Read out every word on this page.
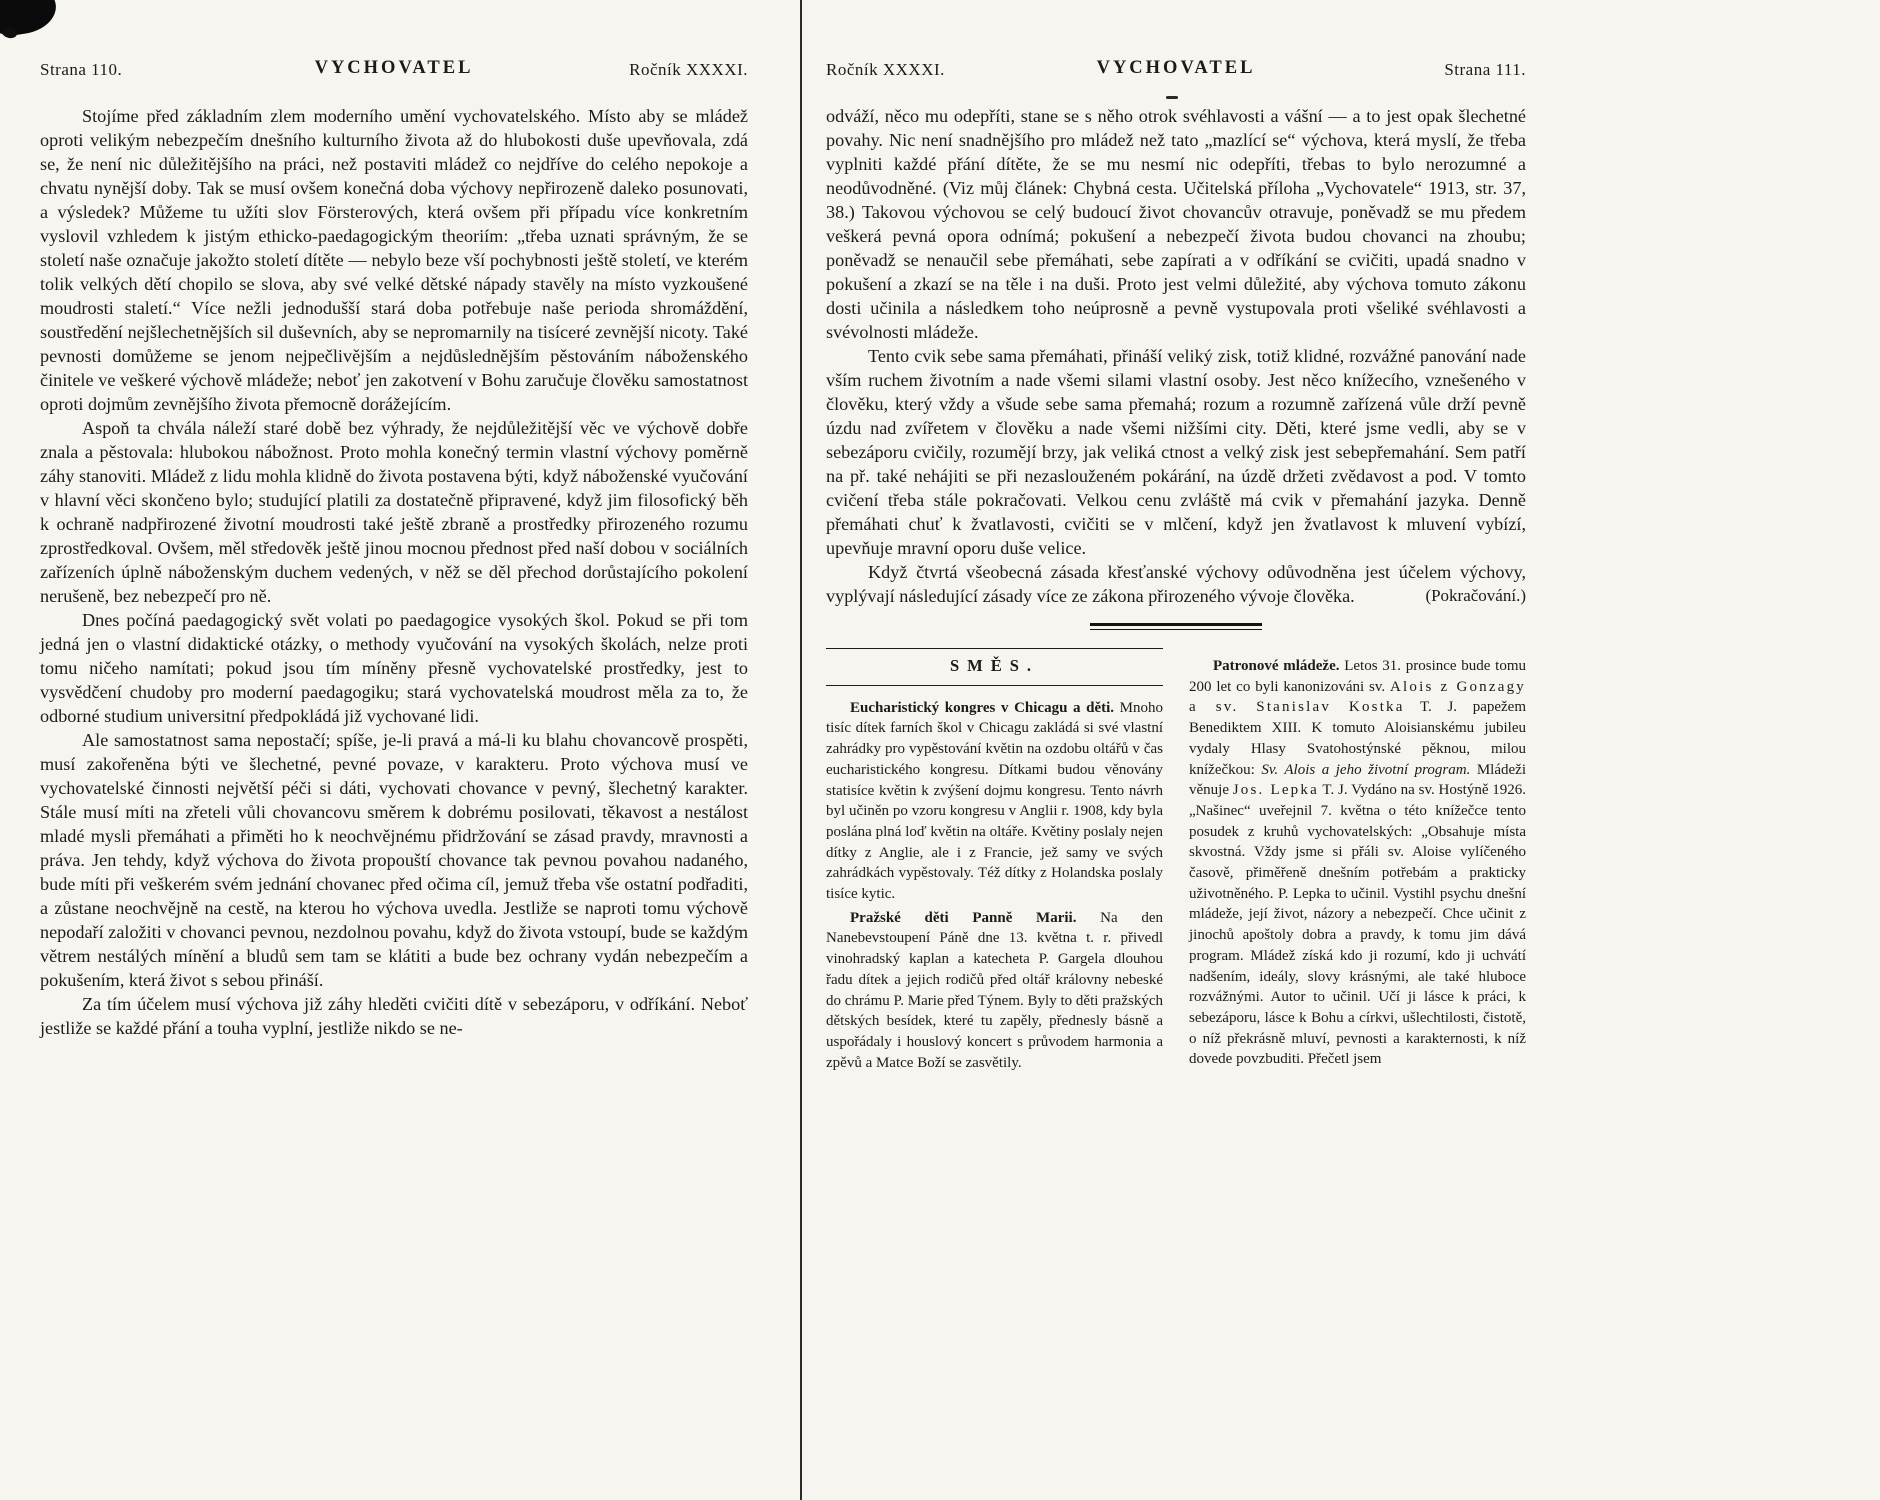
Strana 110.	VYCHOVATEL	Ročník XXXXI.

Stojíme před základním zlem moderního umění vychovatelského. Místo aby se mládež oproti velikým nebezpečím dnešního kulturního života až do hlubokosti duše upevňovala, zdá se, že není nic důležitějšího na práci, než postaviti mládež co nejdříve do celého nepokoje a chvatu nynější doby. Tak se musí ovšem konečná doba výchovy nepřirozeně daleko posunovati, a výsledek? Můžeme tu užíti slov Försterových, která ovšem při případu více konkretním vyslovil vzhledem k jistým ethicko-paedagogickým theoriím: „třeba uznati správným, že se století naše označuje jakožto století dítěte — nebylo beze vší pochybnosti ještě století, ve kterém tolik velkých dětí chopilo se slova, aby své velké dětské nápady stavěly na místo vyzkoušené moudrosti staletí.“ Více nežli jednodušší stará doba potřebuje naše perioda shromáždění, soustředění nejšlechetnějších sil duševních, aby se nepromarnily na tisíceré zevnější nicoty. Také pevnosti domůžeme se jenom nejpečlivějším a nejdůslednějším pěstováním náboženského činitele ve veškeré výchově mládeže; neboť jen zakotvení v Bohu zaručuje člověku samostatnost oproti dojmům zevnějšího života přemocně dorážejícím.

Aspoň ta chvála náleží staré době bez výhrady, že nejdůležitější věc ve výchově dobře znala a pěstovala: hlubokou nábožnost. Proto mohla konečný termin vlastní výchovy poměrně záhy stanoviti. Mládež z lidu mohla klidně do života postavena býti, když náboženské vyučování v hlavní věci skončeno bylo; studující platili za dostatečně připravené, když jim filosofický běh k ochraně nadpřirozené životní moudrosti také ještě zbraně a prostředky přirozeného rozumu zprostředkoval. Ovšem, měl středověk ještě jinou mocnou přednost před naší dobou v sociálních zařízeních úplně náboženským duchem vedených, v něž se děl přechod dorůstajícího pokolení nerušeně, bez nebezpečí pro ně.

Dnes počíná paedagogický svět volati po paedagogice vysokých škol. Pokud se při tom jedná jen o vlastní didaktické otázky, o methody vyučování na vysokých školách, nelze proti tomu ničeho namítati; pokud jsou tím míněny přesně vychovatelské prostředky, jest to vysvědčení chudoby pro moderní paedagogiku; stará vychovatelská moudrost měla za to, že odborné studium universitní předpokládá již vychované lidi.

Ale samostatnost sama nepostačí; spíše, je-li pravá a má-li ku blahu chovancově prospěti, musí zakořeněna býti ve šlechetné, pevné povaze, v karakteru. Proto výchova musí ve vychovatelské činnosti největší péči si dáti, vychovati chovance v pevný, šlechetný karakter. Stále musí míti na zřeteli vůli chovancovu směrem k dobrému posilovati, těkavost a nestálost mladé mysli přemáhati a přiměti ho k neochvějnému přidržování se zásad pravdy, mravnosti a práva. Jen tehdy, když výchova do života propouští chovance tak pevnou povahou nadaného, bude míti při veškerém svém jednání chovanec před očima cíl, jemuž třeba vše ostatní podřaditi, a zůstane neochvějně na cestě, na kterou ho výchova uvedla. Jestliže se naproti tomu výchově nepodaří založiti v chovanci pevnou, nezdolnou povahu, když do života vstoupí, bude se každým větrem nestálých mínění a bludů sem tam se klátiti a bude bez ochrany vydán nebezpečím a pokušením, která život s sebou přináší.

Za tím účelem musí výchova již záhy hleděti cvičiti dítě v sebezáporu, v odříkání. Neboť jestliže se každé přání a touha vyplní, jestliže nikdo se ne-

Ročník XXXXI.	VYCHOVATEL	Strana 111.

odváží, něco mu odepříti, stane se s něho otrok svéhlavosti a vášní — a to jest opak šlechetné povahy. Nic není snadnějšího pro mládež než tato „mazlící se“ výchova, která myslí, že třeba vyplniti každé přání dítěte, že se mu nesmí nic odepříti, třebas to bylo nerozumné a neodůvodněné. (Viz můj článek: Chybná cesta. Učitelská příloha „Vychovatele“ 1913, str. 37, 38.) Takovou výchovou se celý budoucí život chovancův otravuje, poněvadž se mu předem veškerá pevná opora odnímá; pokušení a nebezpečí života budou chovanci na zhoubu; poněvadž se nenaučil sebe přemáhati, sebe zapírati a v odříkání se cvičiti, upadá snadno v pokušení a zkazí se na těle i na duši. Proto jest velmi důležité, aby výchova tomuto zákonu dosti učinila a následkem toho neúprosně a pevně vystupovala proti všeliké svéhlavosti a svévolnosti mládeže.

Tento cvik sebe sama přemáhati, přináší veliký zisk, totiž klidné, rozvážné panování nade vším ruchem životním a nade všemi silami vlastní osoby. Jest něco knížecího, vznešeného v člověku, který vždy a všude sebe sama přemahá; rozum a rozumně zařízená vůle drží pevně úzdu nad zvířetem v člověku a nade všemi nižšími city. Děti, které jsme vedli, aby se v sebezáporu cvičily, rozumějí brzy, jak veliká ctnost a velký zisk jest sebepřemahání. Sem patří na př. také nehájiti se při nezaslouženém pokárání, na úzdě držeti zvědavost a pod. V tomto cvičení třeba stále pokračovati. Velkou cenu zvláště má cvik v přemahání jazyka. Denně přemáhati chuť k žvatlavosti, cvičiti se v mlčení, když jen žvatlavost k mluvení vybízí, upevňuje mravní oporu duše velice.

Když čtvrtá všeobecná zásada křesťanské výchovy odůvodněna jest účelem výchovy, vyplývají následující zásady více ze zákona přirozeného vývoje člověka.	(Pokračování.)

SMĚS.

Eucharistický kongres v Chicagu a děti. Mnoho tisíc dítek farních škol v Chicagu zakládá si své vlastní zahrádky pro vypěstování květin na ozdobu oltářů v čas eucharistického kongresu. Dítkami budou věnovány statisíce květin k zvýšení dojmu kongresu. Tento návrh byl učiněn po vzoru kongresu v Anglii r. 1908, kdy byla poslána plná loď květin na oltáře. Květiny poslaly nejen dítky z Anglie, ale i z Francie, jež samy ve svých zahrádkách vypěstovaly. Též dítky z Holandska poslaly tisíce kytic.

Pražské děti Panně Marii. Na den Nanebevstoupení Páně dne 13. května t. r. přivedl vinohradský kaplan a katecheta P. Gargela dlouhou řadu dítek a jejich rodičů před oltář královny nebeské do chrámu P. Marie před Týnem. Byly to děti pražských dětských besídek, které tu zapěly, přednesly básně a uspořádaly i houslový koncert s průvodem harmonia a zpěvů a Matce Boží se zasvětily.

Patronové mládeže. Letos 31. prosince bude tomu 200 let co byli kanonizováni sv. Alois z Gonzagy a sv. Stanislav Kostka T. J. papežem Benediktem XIII. K tomuto Aloisianskému jubileu vydaly Hlasy Svatohostýnské pěknou, milou knížečkou: Sv. Alois a jeho životní program. Mládeži věnuje Jos. Lepka T. J. Vydáno na sv. Hostýně 1926. „Našinec“ uveřejnil 7. května o této knížečce tento posudek z kruhů vychovatelských: „Obsahuje místa skvostná. Vždy jsme si přáli sv. Aloise vylíčeného časově, přiměřeně dnešním potřebám a prakticky uživotněného. P. Lepka to učinil. Vystihl psychu dnešní mládeže, její život, názory a nebezpečí. Chce učinit z jinochů apoštoly dobra a pravdy, k tomu jim dává program. Mládež získá kdo ji rozumí, kdo ji uchvátí nadšením, ideály, slovy krásnými, ale také hluboce rozvážnými. Autor to učinil. Učí ji lásce k práci, k sebezáporu, lásce k Bohu a církvi, ušlechtilosti, čistotě, o níž překrásně mluví, pevnosti a karakternosti, k níž dovede povzbuditi. Přečetl jsem
